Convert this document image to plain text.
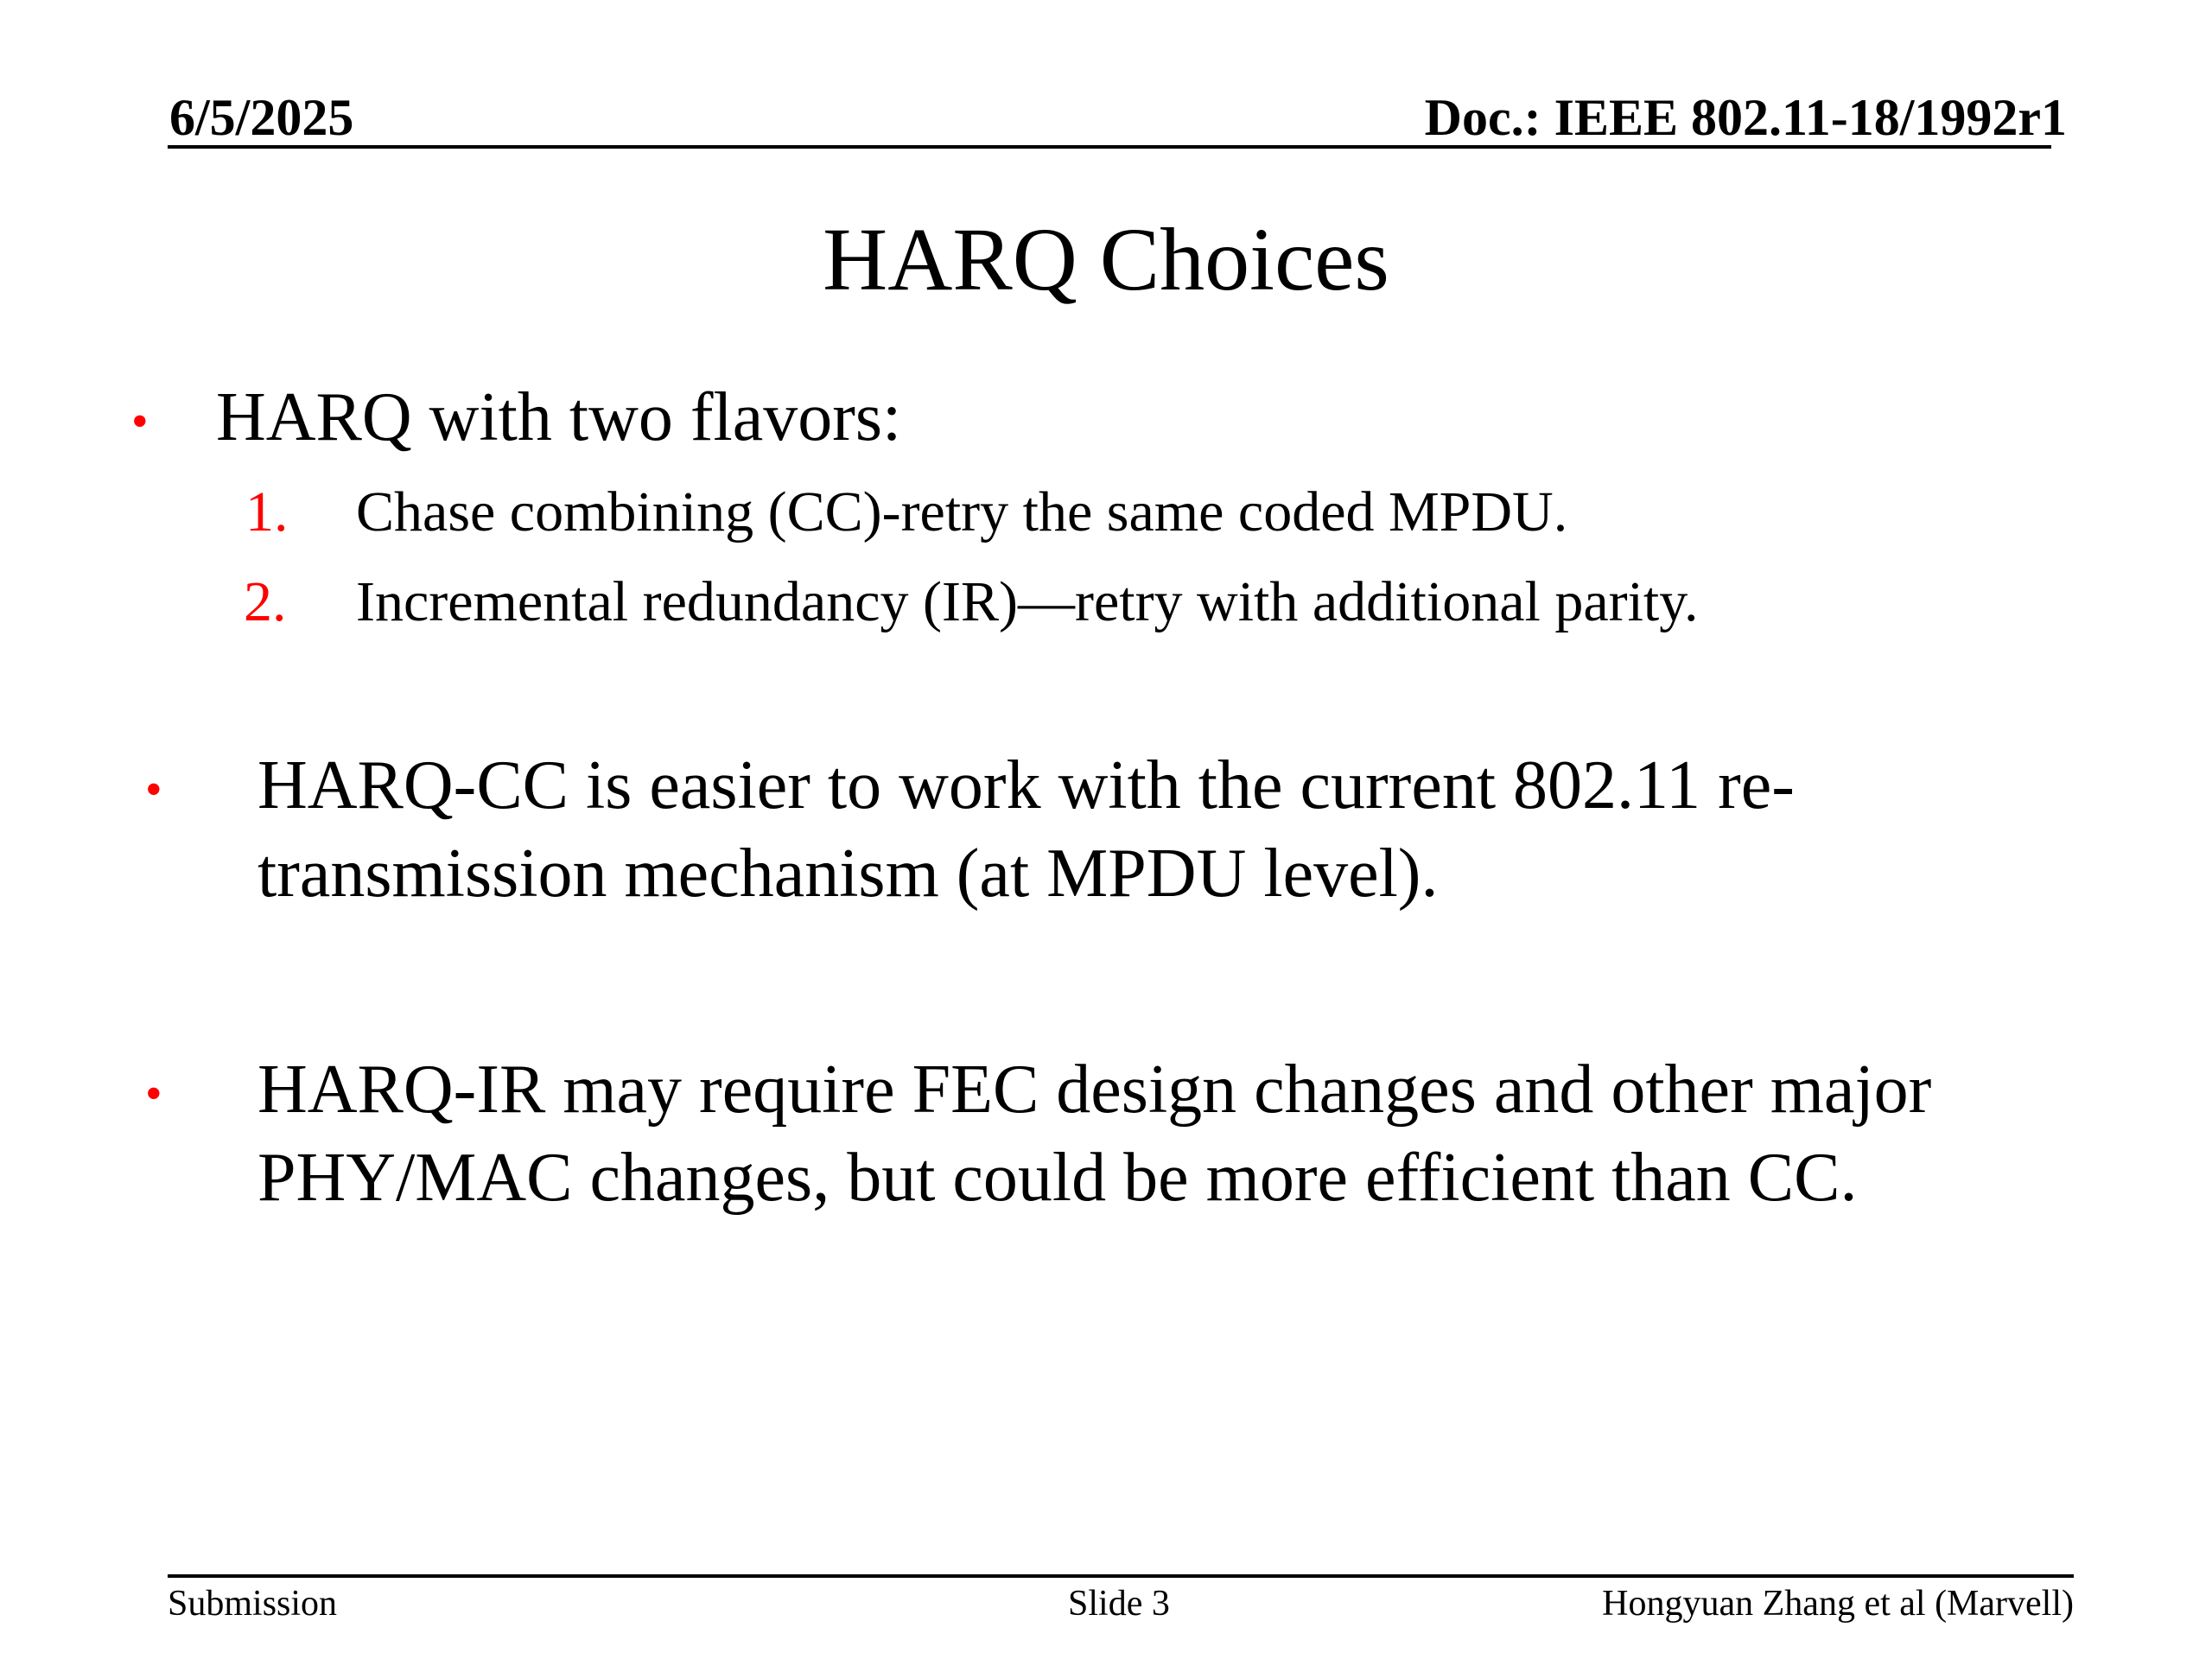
6/5/2025	Doc.: IEEE 802.11-18/1992r1
HARQ Choices
• HARQ with two flavors:
1. Chase combining (CC)-retry the same coded MPDU.
2. Incremental redundancy (IR)—retry with additional parity.
• HARQ-CC is easier to work with the current 802.11 re-
transmission mechanism (at MPDU level).
• HARQ-IR may require FEC design changes and other major
PHY/MAC changes, but could be more efficient than CC.
Submission	Slide 3	Hongyuan Zhang et al (Marvell)
